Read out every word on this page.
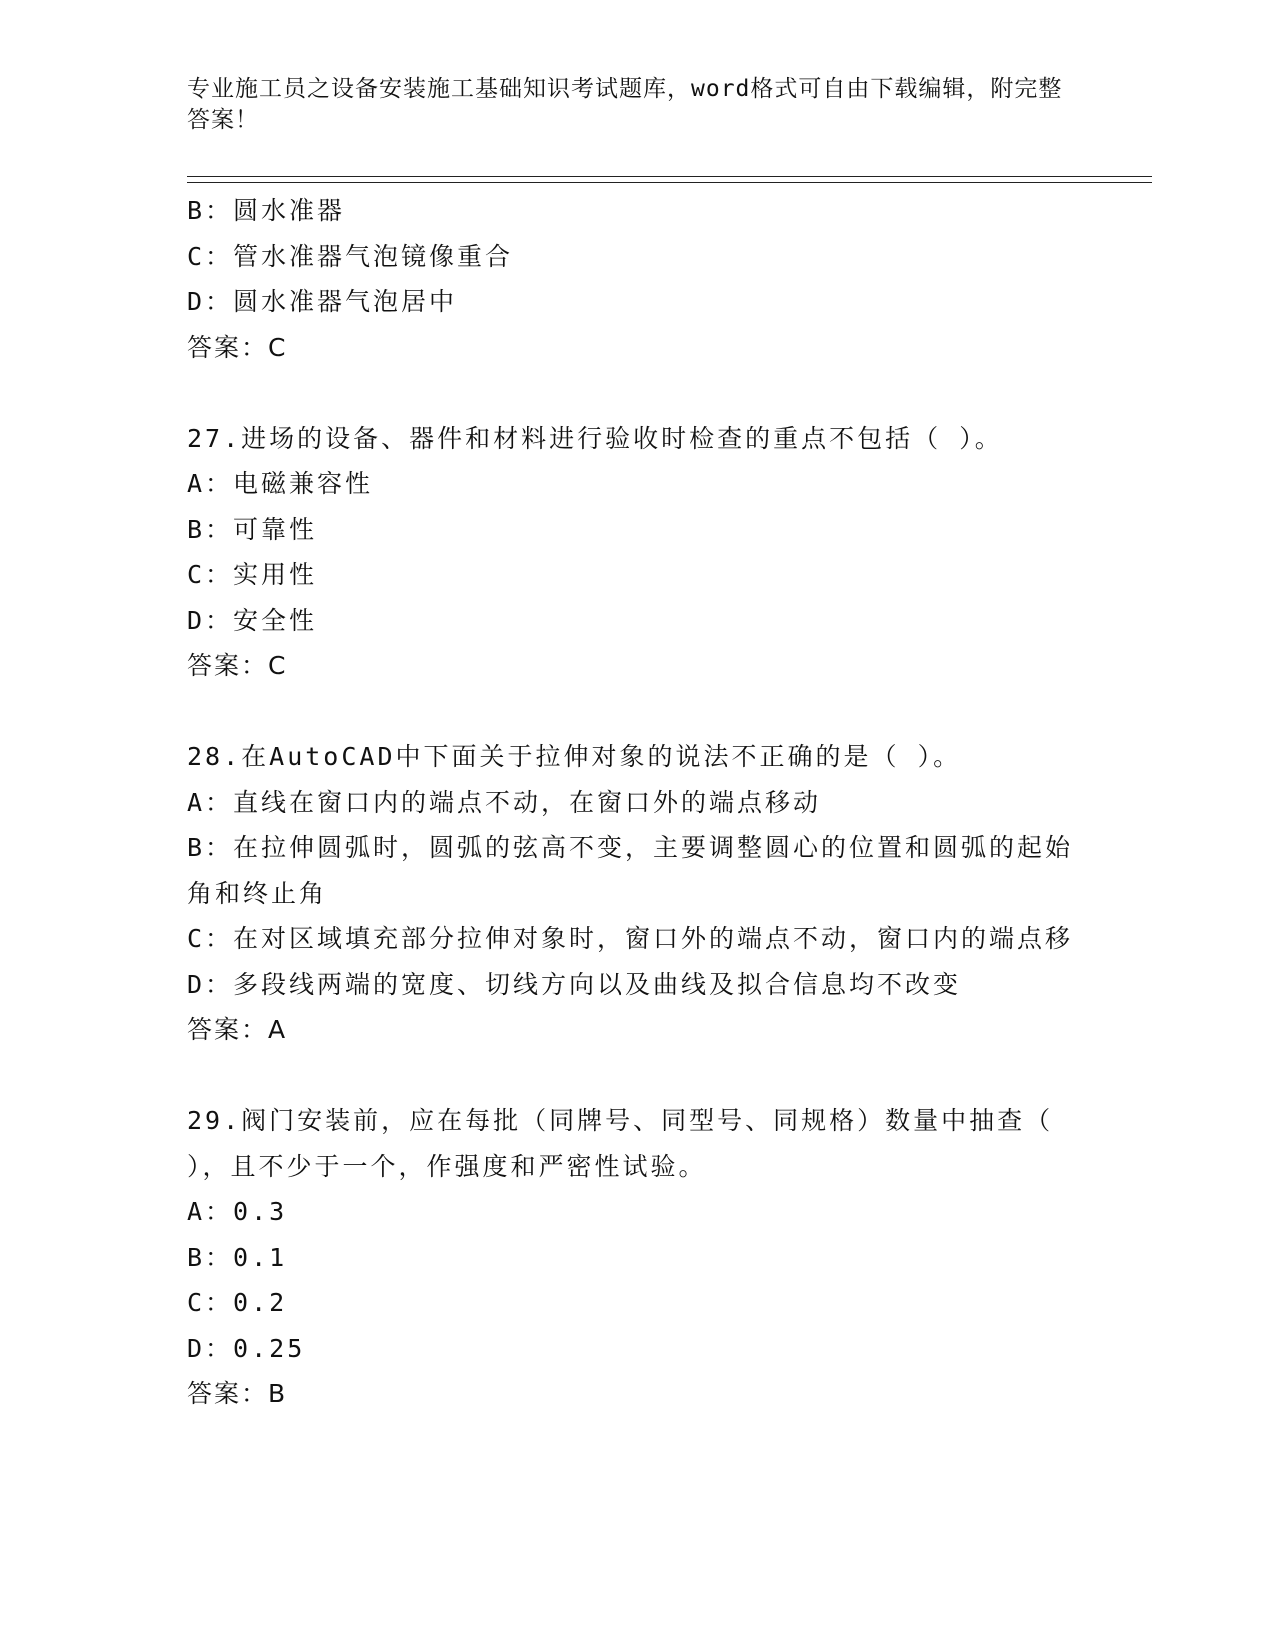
专业施工员之设备安装施工基础知识考试题库，word格式可自由下载编辑，附完整答案！
B：圆水准器
C：管水准器气泡镜像重合
D：圆水准器气泡居中
答案：C
27.进场的设备、器件和材料进行验收时检查的重点不包括（ ）。
A：电磁兼容性
B：可靠性
C：实用性
D：安全性
答案：C
28.在AutoCAD中下面关于拉伸对象的说法不正确的是（ ）。
A：直线在窗口内的端点不动，在窗口外的端点移动
B：在拉伸圆弧时，圆弧的弦高不变，主要调整圆心的位置和圆弧的起始角和终止角
C：在对区域填充部分拉伸对象时，窗口外的端点不动，窗口内的端点移
D：多段线两端的宽度、切线方向以及曲线及拟合信息均不改变
答案：A
29.阀门安装前，应在每批（同牌号、同型号、同规格）数量中抽查（ ），且不少于一个，作强度和严密性试验。
A：0.3
B：0.1
C：0.2
D：0.25
答案：B
